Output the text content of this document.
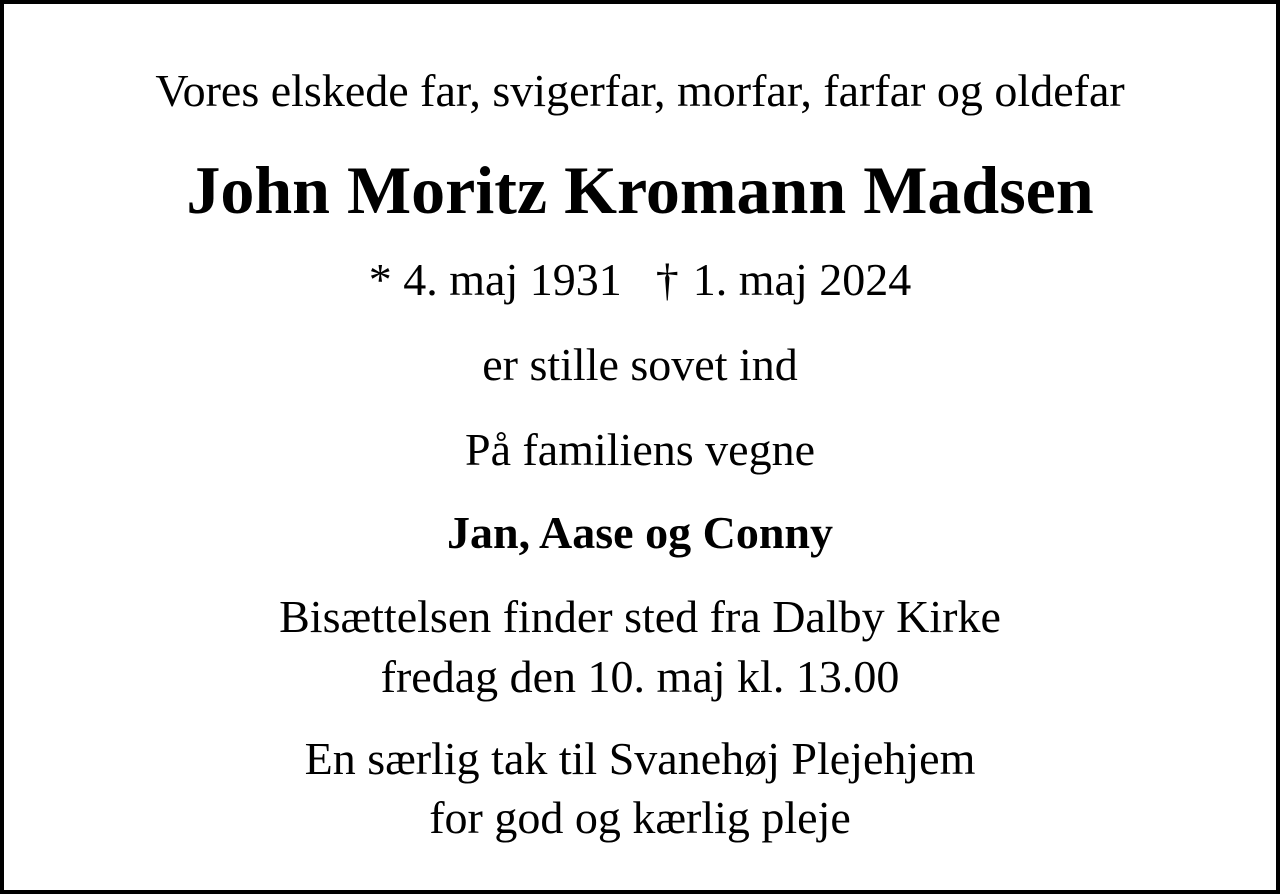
Vores elskede far, svigerfar, morfar, farfar og oldefar
John Moritz Kromann Madsen
* 4. maj 1931 † 1. maj 2024
er stille sovet ind
På familiens vegne
Jan, Aase og Conny
Bisættelsen finder sted fra Dalby Kirke
fredag den 10. maj kl. 13.00
En særlig tak til Svanehøj Plejehjem
for god og kærlig pleje
